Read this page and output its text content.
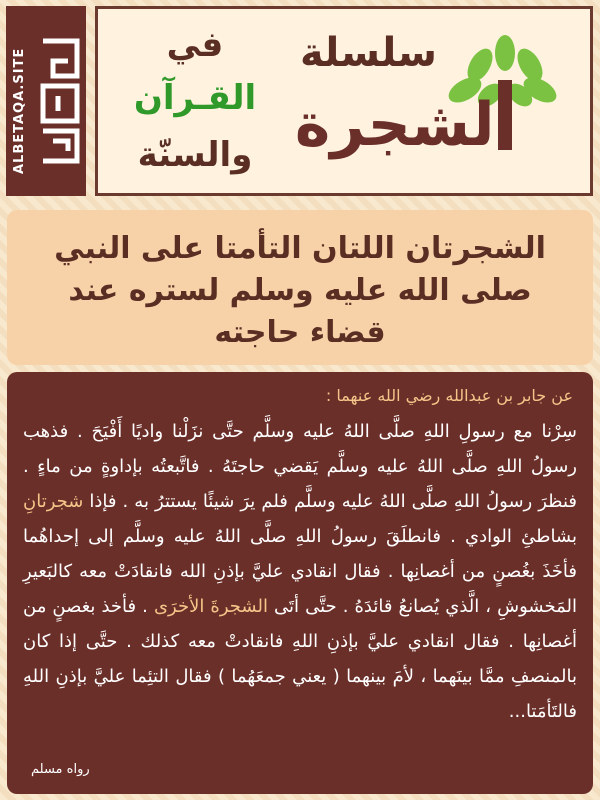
ALBETAQA.SITE	سلسلة
الشجرة
في
القـرآن
والسنّة
الشجرتان اللتان التأمتا على النبي صلى الله عليه وسلم لستره عند قضاء حاجته
عن جابر بن عبدالله رضي الله عنهما :
سِرْنا مع رسولِ اللهِ صلَّى اللهُ عليه وسلَّم حتَّى نزَلْنا واديًا أَفْيَحَ . فذهب رسولُ اللهِ صلَّى اللهُ عليه وسلَّم يَقضي حاجتَهُ . فاتَّبعتُه بإداوةٍ من ماءٍ . فنظرَ رسولُ اللهِ صلَّى اللهُ عليه وسلَّم فلم يرَ شيئًا يستترُ به . فإذا شجرتانِ بشاطئِ الوادي . فانطلَقَ رسولُ اللهِ صلَّى اللهُ عليه وسلَّم إلى إحداهُما فأخَذَ بغُصنٍ من أغصانِها . فقال انقادي عليَّ بإذنِ الله فانقادَتْ معه كالبَعيرِ المَخشوشِ ، الَّذي يُصانعُ قائدَهُ . حتَّى أتَى الشجرةَ الأخرَى . فأخذ بغصنٍ من أغصانِها . فقال انقادي عليَّ بإذنِ اللهِ فانقادتْ معه كذلك . حتَّى إذا كان بالمنصفِ ممَّا بينَهما ، لأمَ بينهما ( يعني جمعَهُما ) فقال التئِما عليَّ بإذنِ اللهِ فالتَأمَتا...
رواه مسلم
